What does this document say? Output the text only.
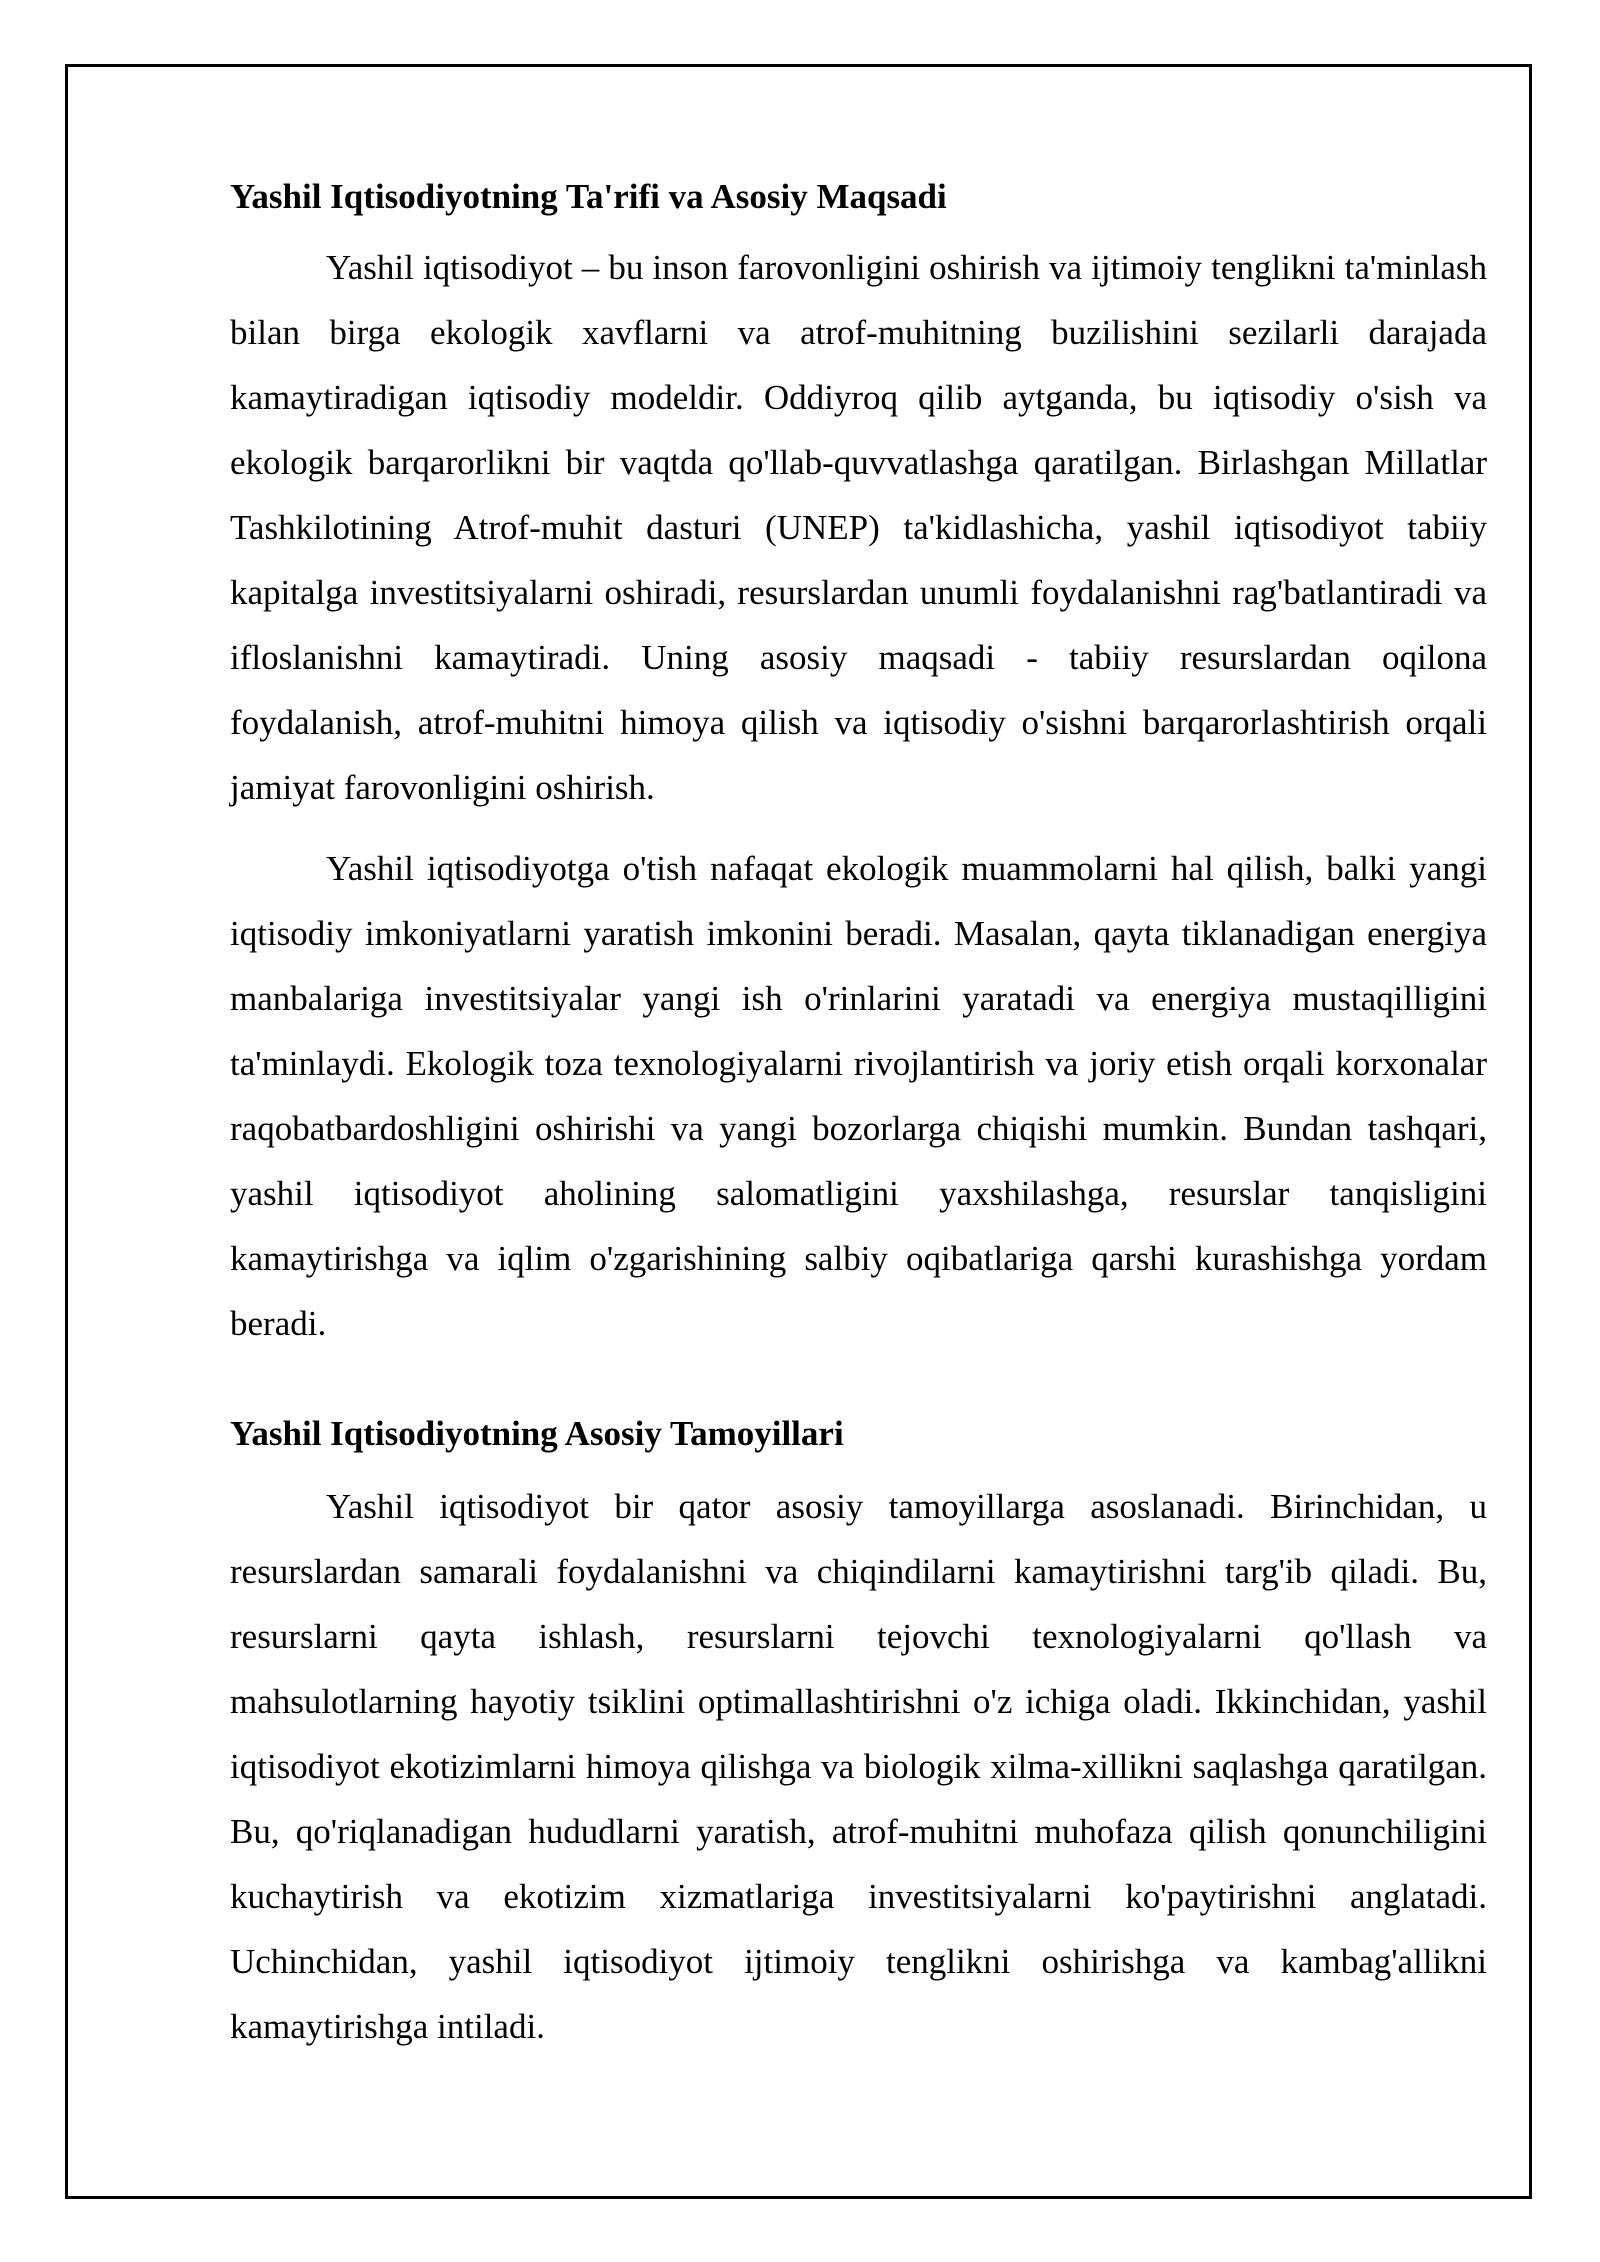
Yashil Iqtisodiyotning Ta'rifi va Asosiy Maqsadi

Yashil iqtisodiyot – bu inson farovonligini oshirish va ijtimoiy tenglikni ta'minlash bilan birga ekologik xavflarni va atrof-muhitning buzilishini sezilarli darajada kamaytiradigan iqtisodiy modeldir. Oddiyroq qilib aytganda, bu iqtisodiy o'sish va ekologik barqarorlikni bir vaqtda qo'llab-quvvatlashga qaratilgan. Birlashgan Millatlar Tashkilotining Atrof-muhit dasturi (UNEP) ta'kidlashicha, yashil iqtisodiyot tabiiy kapitalga investitsiyalarni oshiradi, resurslardan unumli foydalanishni rag'batlantiradi va ifloslanishni kamaytiradi. Uning asosiy maqsadi - tabiiy resurslardan oqilona foydalanish, atrof-muhitni himoya qilish va iqtisodiy o'sishni barqarorlashtirish orqali jamiyat farovonligini oshirish.

Yashil iqtisodiyotga o'tish nafaqat ekologik muammolarni hal qilish, balki yangi iqtisodiy imkoniyatlarni yaratish imkonini beradi. Masalan, qayta tiklanadigan energiya manbalariga investitsiyalar yangi ish o'rinlarini yaratadi va energiya mustaqilligini ta'minlaydi. Ekologik toza texnologiyalarni rivojlantirish va joriy etish orqali korxonalar raqobatbardoshligini oshirishi va yangi bozorlarga chiqishi mumkin. Bundan tashqari, yashil iqtisodiyot aholining salomatligini yaxshilashga, resurslar tanqisligini kamaytirishga va iqlim o'zgarishining salbiy oqibatlariga qarshi kurashishga yordam beradi.

Yashil Iqtisodiyotning Asosiy Tamoyillari

Yashil iqtisodiyot bir qator asosiy tamoyillarga asoslanadi. Birinchidan, u resurslardan samarali foydalanishni va chiqindilarni kamaytirishni targ'ib qiladi. Bu, resurslarni qayta ishlash, resurslarni tejovchi texnologiyalarni qo'llash va mahsulotlarning hayotiy tsiklini optimallashtirishni o'z ichiga oladi. Ikkinchidan, yashil iqtisodiyot ekotizimlarni himoya qilishga va biologik xilma-xillikni saqlashga qaratilgan. Bu, qo'riqlanadigan hududlarni yaratish, atrof-muhitni muhofaza qilish qonunchiligini kuchaytirish va ekotizim xizmatlariga investitsiyalarni ko'paytirishni anglatadi. Uchinchidan, yashil iqtisodiyot ijtimoiy tenglikni oshirishga va kambag'allikni kamaytirishga intiladi.
